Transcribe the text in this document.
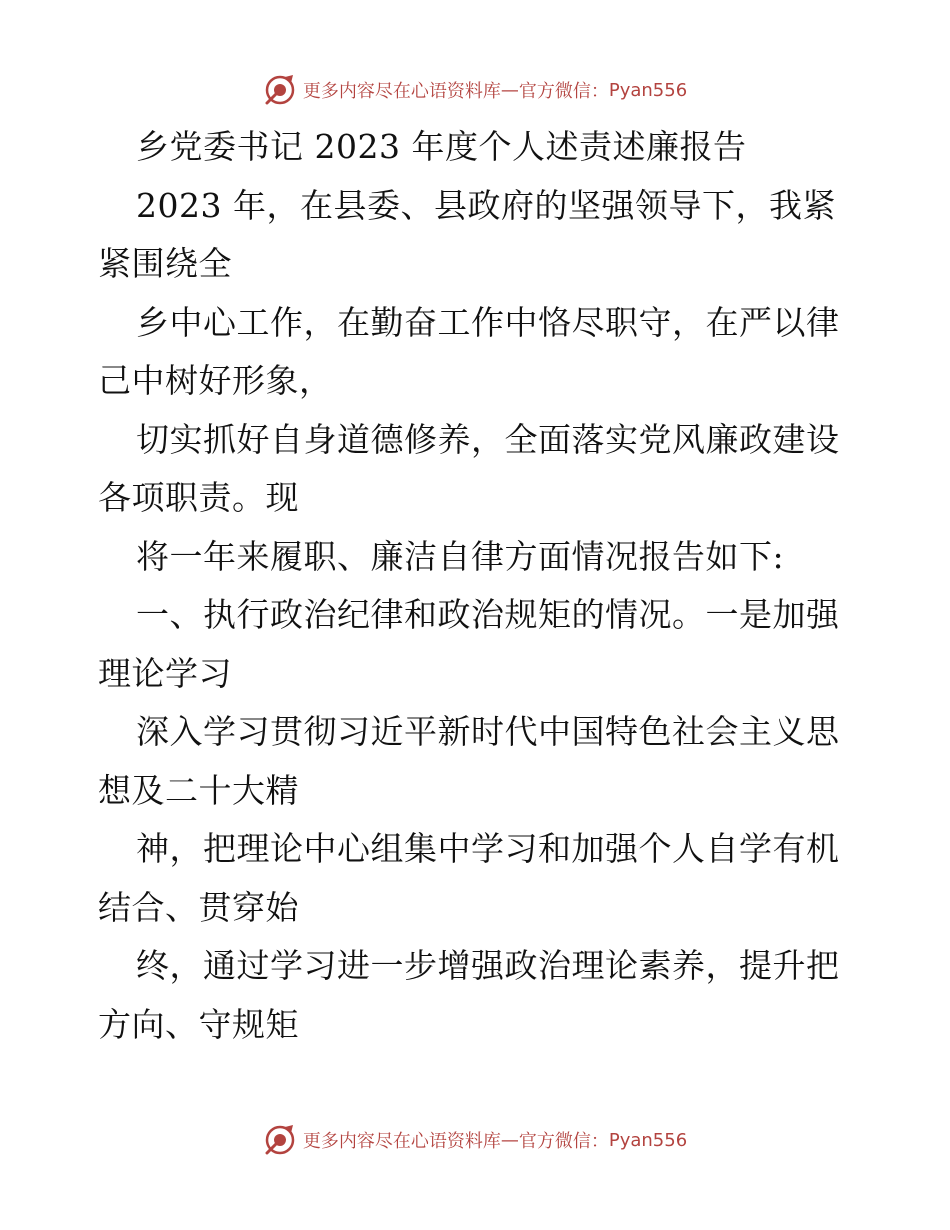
更多内容尽在心语资料库 — 官方微信： Pyan556
乡党委书记 2023 年度个人述责述廉报告
2023 年，在县委、县政府的坚强领导下，我紧
紧围绕全
乡中心工作，在勤奋工作中恪尽职守，在严以律
己中树好形象，
切实抓好自身道德修养，全面落实党风廉政建设
各项职责。现
将一年来履职、廉洁自律方面情况报告如下:
一、执行政治纪律和政治规矩的情况。一是加强
理论学习
深入学习贯彻习近平新时代中国特色社会主义思
想及二十大精
神，把理论中心组集中学习和加强个人自学有机
结合、贯穿始
终，通过学习进一步增强政治理论素养，提升把
方向、守规矩
更多内容尽在心语资料库 — 官方微信： Pyan556
